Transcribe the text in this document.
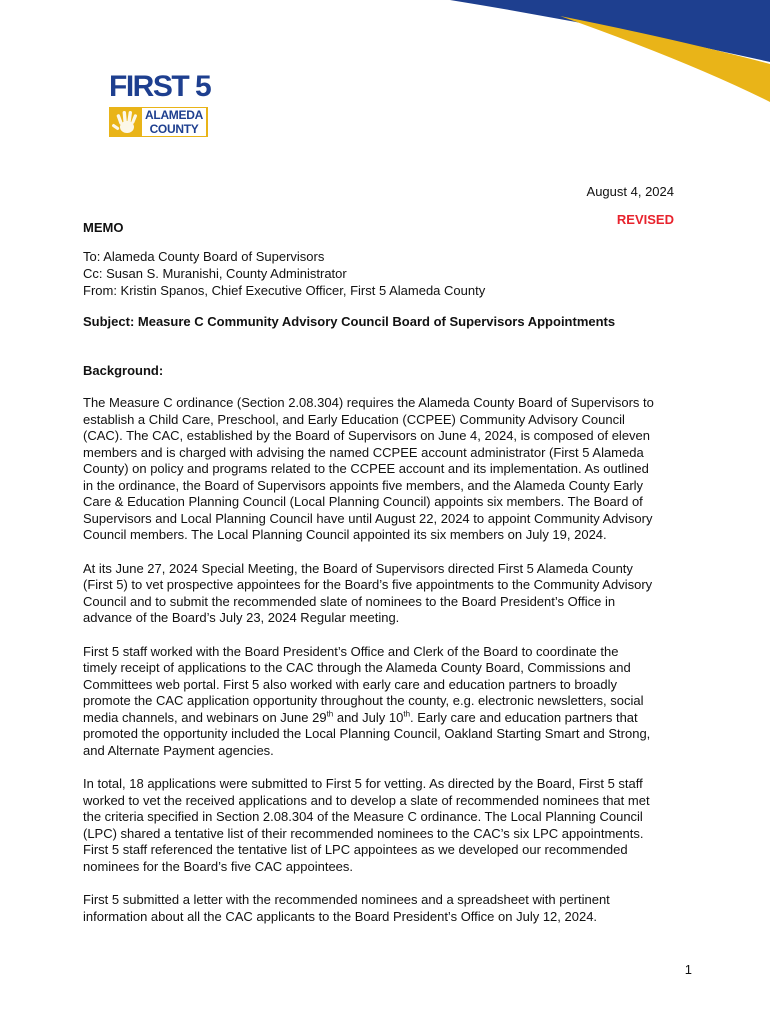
FIRST 5
ALAMEDA
COUNTY
August 4, 2024
REVISED
MEMO
To: Alameda County Board of Supervisors
Cc: Susan S. Muranishi, County Administrator
From: Kristin Spanos, Chief Executive Officer, First 5 Alameda County
Subject: Measure C Community Advisory Council Board of Supervisors Appointments
Background:

The Measure C ordinance (Section 2.08.304) requires the Alameda County Board of Supervisors to
establish a Child Care, Preschool, and Early Education (CCPEE) Community Advisory Council
(CAC). The CAC, established by the Board of Supervisors on June 4, 2024, is composed of eleven
members and is charged with advising the named CCPEE account administrator (First 5 Alameda
County) on policy and programs related to the CCPEE account and its implementation. As outlined
in the ordinance, the Board of Supervisors appoints five members, and the Alameda County Early
Care & Education Planning Council (Local Planning Council) appoints six members. The Board of
Supervisors and Local Planning Council have until August 22, 2024 to appoint Community Advisory
Council members. The Local Planning Council appointed its six members on July 19, 2024.

At its June 27, 2024 Special Meeting, the Board of Supervisors directed First 5 Alameda County
(First 5) to vet prospective appointees for the Board’s five appointments to the Community Advisory
Council and to submit the recommended slate of nominees to the Board President’s Office in
advance of the Board’s July 23, 2024 Regular meeting.

First 5 staff worked with the Board President’s Office and Clerk of the Board to coordinate the
timely receipt of applications to the CAC through the Alameda County Board, Commissions and
Committees web portal. First 5 also worked with early care and education partners to broadly
promote the CAC application opportunity throughout the county, e.g. electronic newsletters, social
media channels, and webinars on June 29th and July 10th. Early care and education partners that
promoted the opportunity included the Local Planning Council, Oakland Starting Smart and Strong,
and Alternate Payment agencies.

In total, 18 applications were submitted to First 5 for vetting. As directed by the Board, First 5 staff
worked to vet the received applications and to develop a slate of recommended nominees that met
the criteria specified in Section 2.08.304 of the Measure C ordinance. The Local Planning Council
(LPC) shared a tentative list of their recommended nominees to the CAC’s six LPC appointments.
First 5 staff referenced the tentative list of LPC appointees as we developed our recommended
nominees for the Board’s five CAC appointees.

First 5 submitted a letter with the recommended nominees and a spreadsheet with pertinent
information about all the CAC applicants to the Board President’s Office on July 12, 2024.

1
